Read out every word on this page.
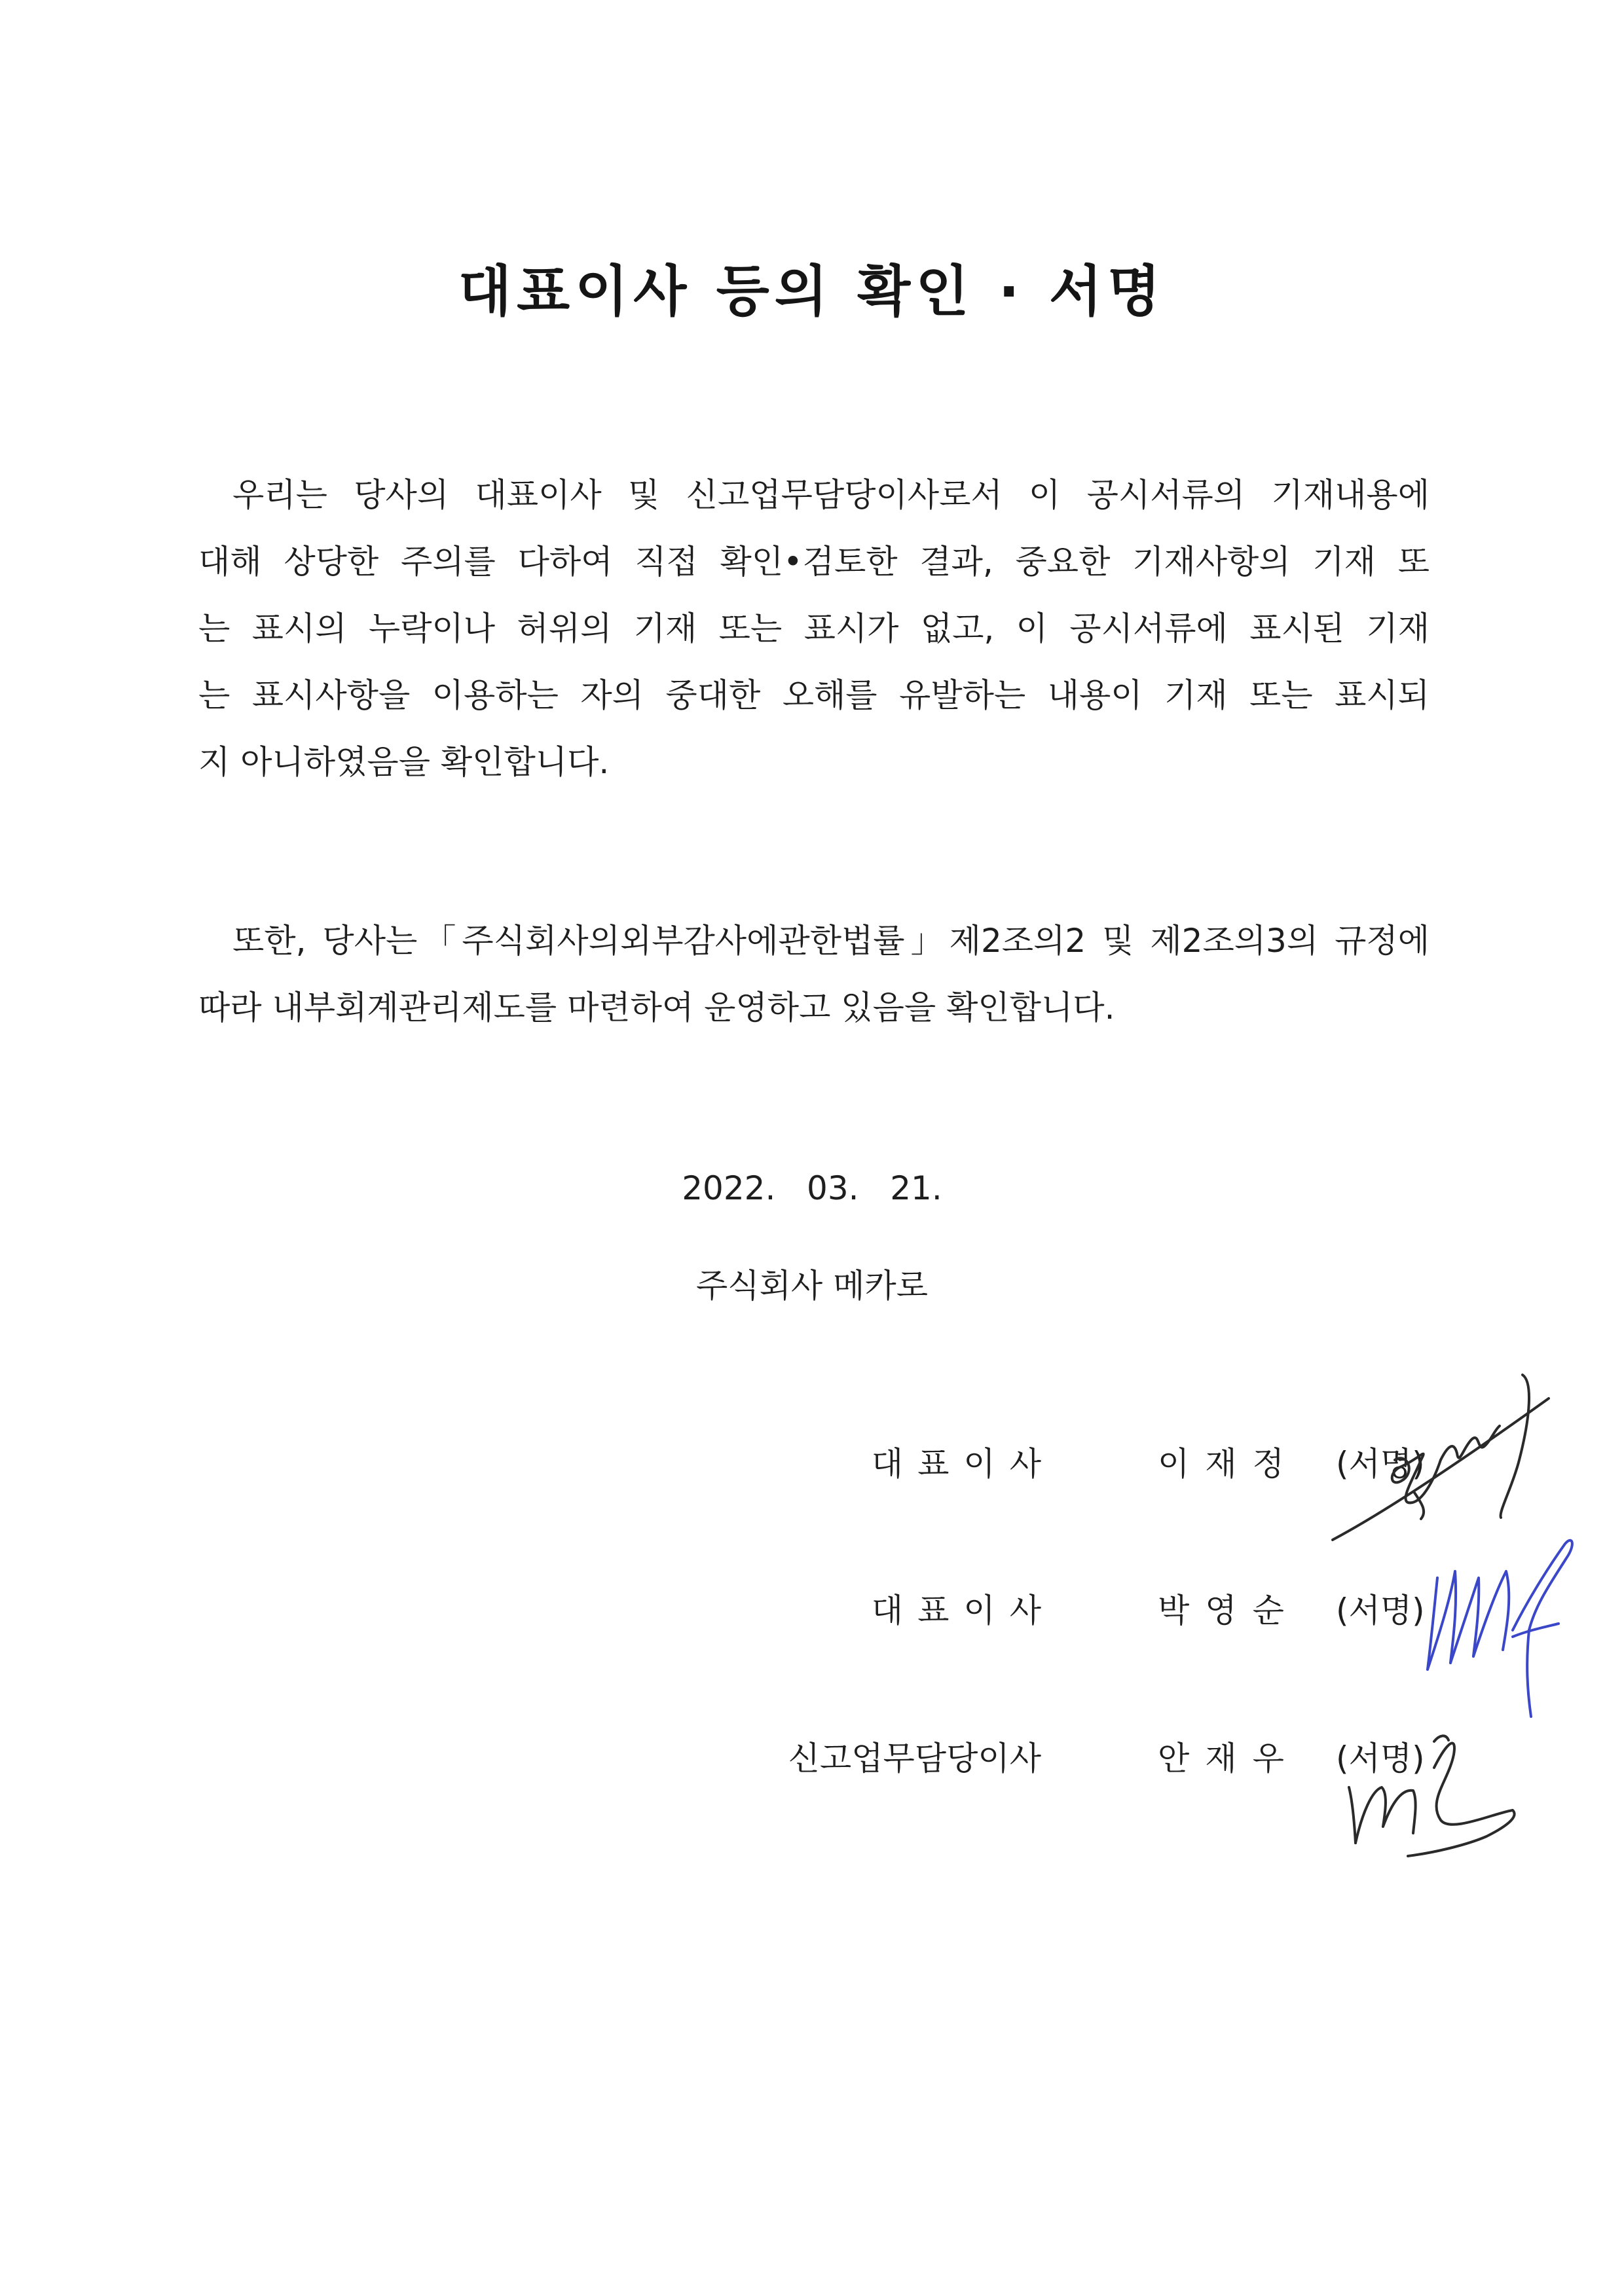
대표이사 등의 확인 · 서명
우리는 당사의 대표이사 및 신고업무담당이사로서 이 공시서류의 기재내용에
대해 상당한 주의를 다하여 직접 확인•검토한 결과, 중요한 기재사항의 기재 또
는 표시의 누락이나 허위의 기재 또는 표시가 없고, 이 공시서류에 표시된 기재
는 표시사항을 이용하는 자의 중대한 오해를 유발하는 내용이 기재 또는 표시되
지 아니하였음을 확인합니다.
또한, 당사는「주식회사의외부감사에관한법률」제2조의2 및 제2조의3의 규정에
따라 내부회계관리제도를 마련하여 운영하고 있음을 확인합니다.
2022.   03.   21.
주식회사 메카로
대표이사	이재정 (서명)
대표이사	박영순 (서명)
신고업무담당이사	안재우 (서명)
